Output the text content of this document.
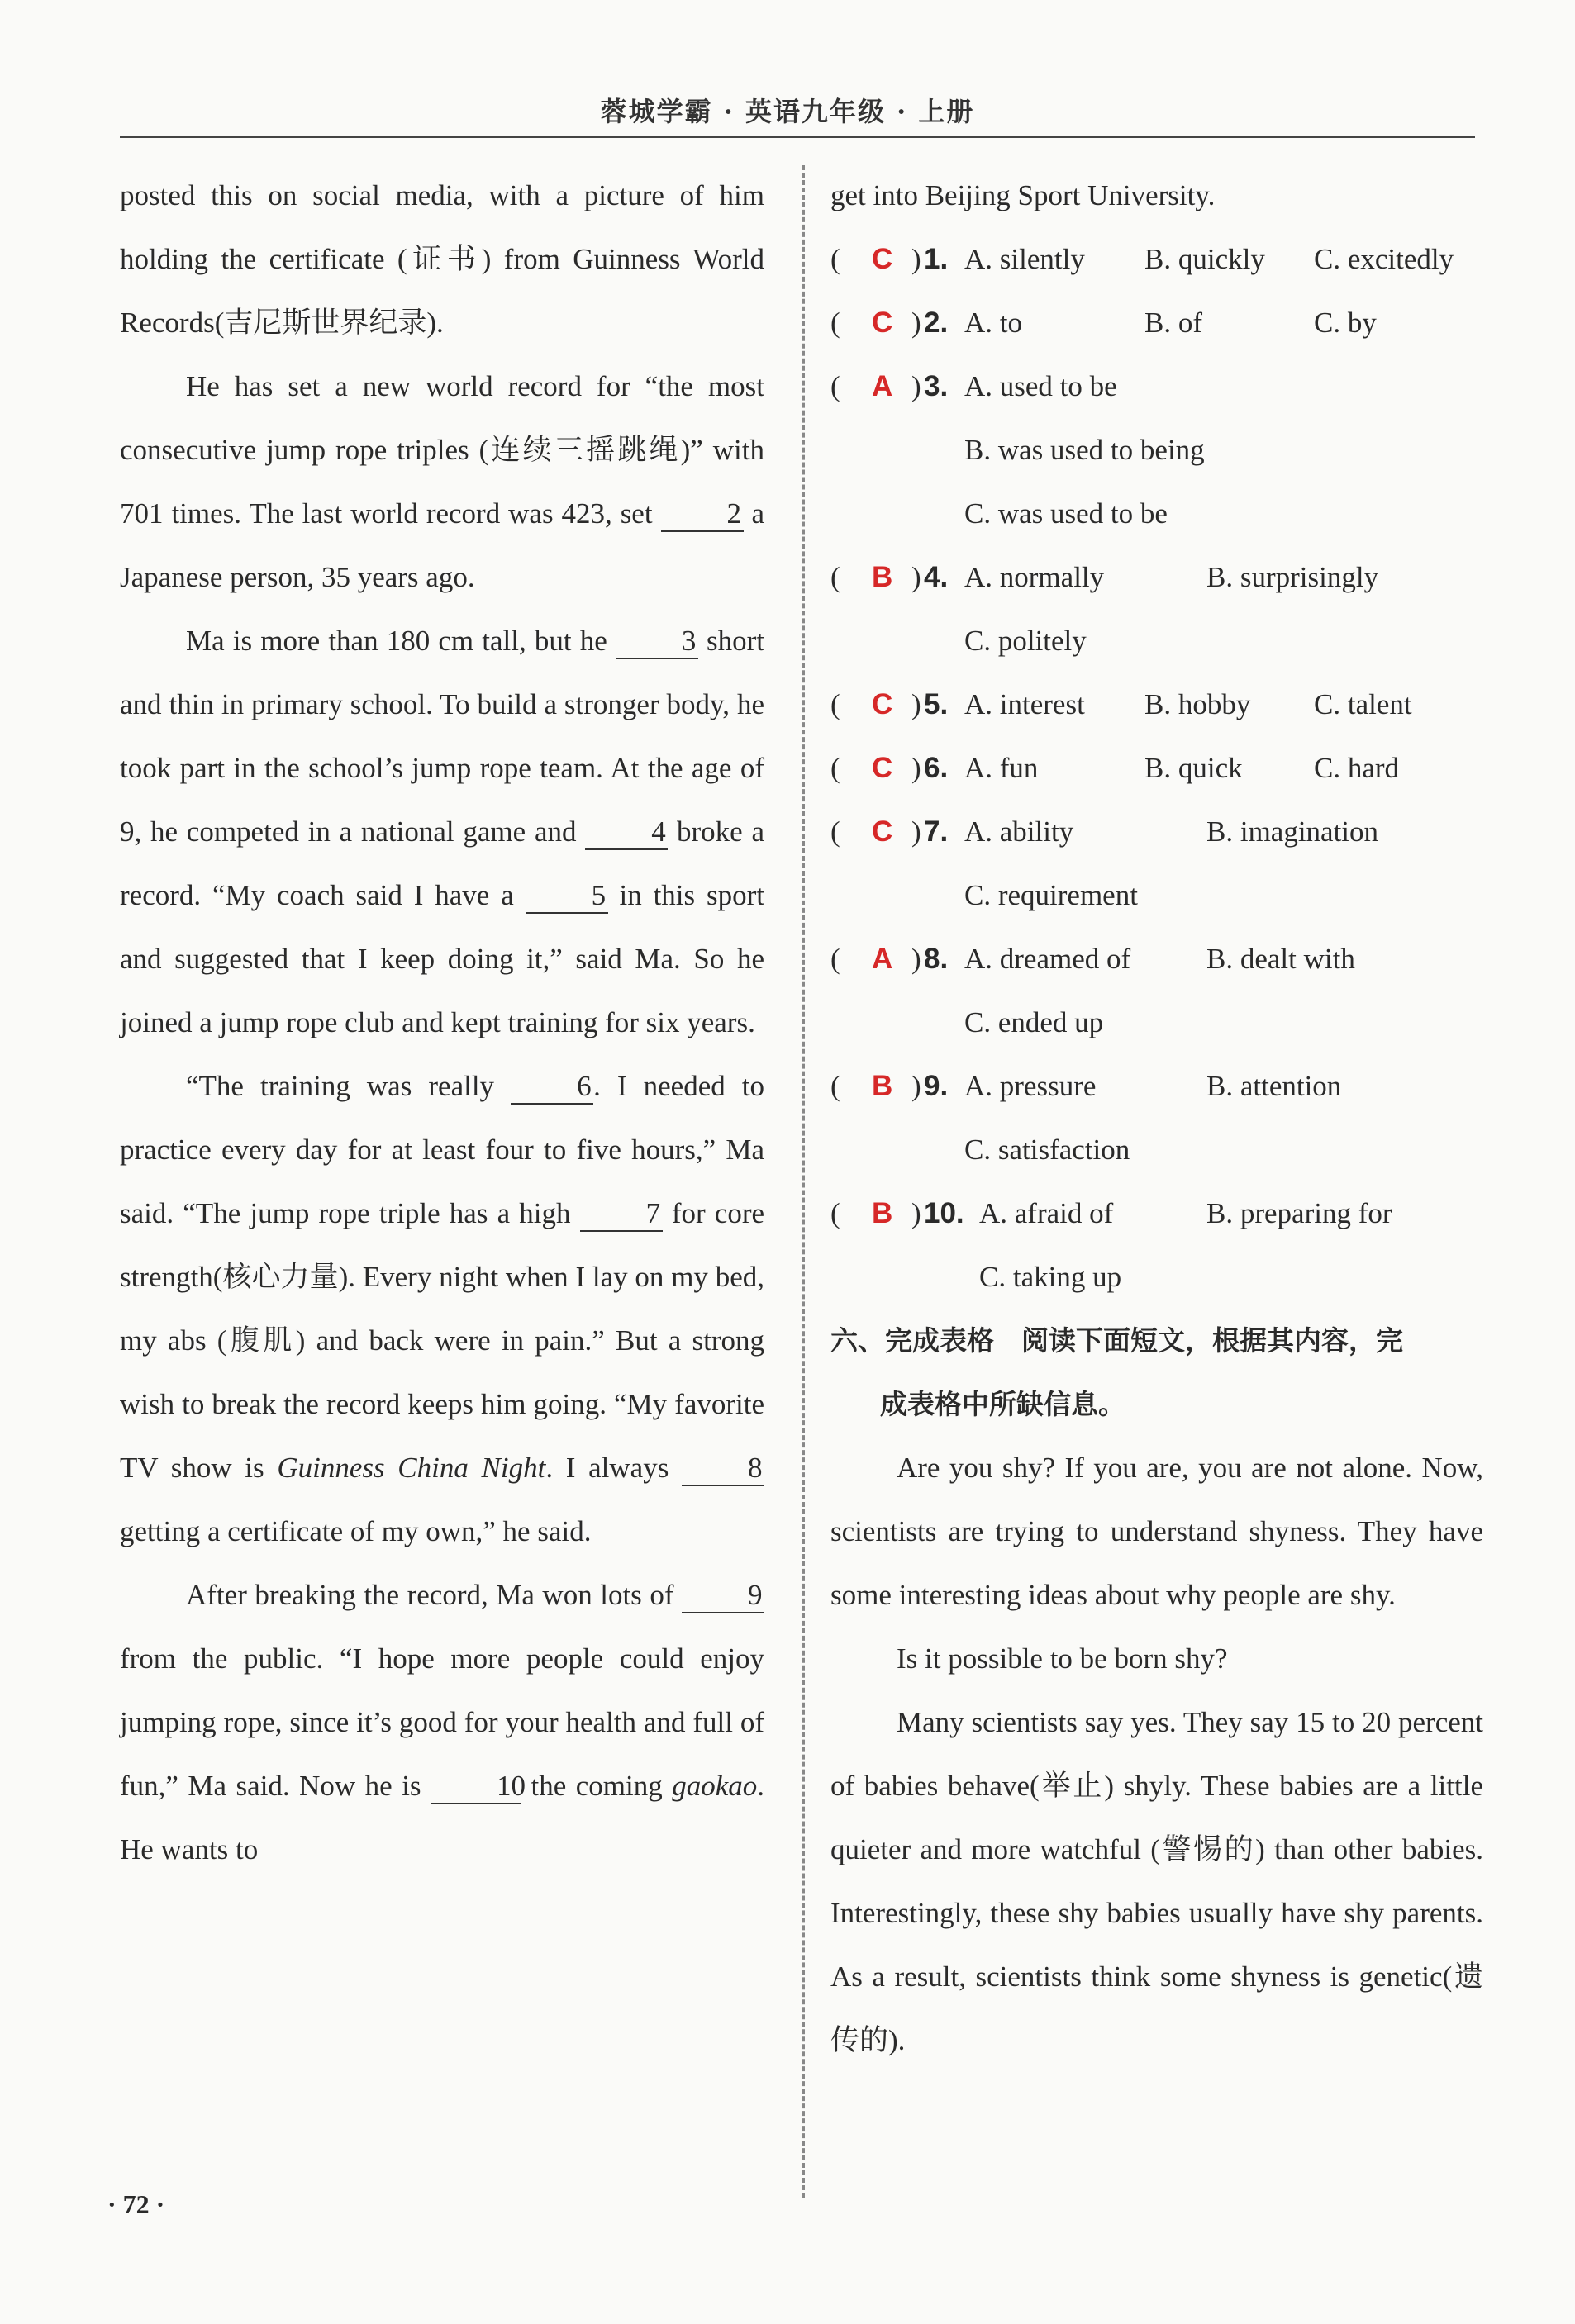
蓉城学霸 · 英语九年级 · 上册

posted this on social media, with a picture of him holding the certificate (证书) from Guinness World Records(吉尼斯世界纪录).

He has set a new world record for “the most consecutive jump rope triples (连续三摇跳绳)” with 701 times. The last world record was 423, set	2 a Japanese person, 35 years ago.

Ma is more than 180 cm tall, but he	3 short and thin in primary school. To build a stronger body, he took part in the school’s jump rope team. At the age of 9, he competed in a national game and	4 broke a record. “My coach said I have a	5 in this sport and suggested that I keep doing it,” said Ma. So he joined a jump rope club and kept training for six years.

“The training was really	6. I needed to practice every day for at least four to five hours,” Ma said. “The jump rope triple has a high	7 for core strength(核心力量). Every night when I lay on my bed, my abs (腹肌) and back were in pain.” But a strong wish to break the record keeps him going. “My favorite TV show is Guinness China Night. I always	8 getting a certificate of my own,” he said.

After breaking the record, Ma won lots of	9 from the public. “I hope more people could enjoy jumping rope, since it’s good for your health and full of fun,” Ma said. Now he is	10 the coming gaokao. He wants to

get into Beijing Sport University.

( C ) 1. A. silently B. quickly C. excitedly
( C ) 2. A. to	B. of	C. by
( A ) 3. A. used to be
B. was used to being
C. was used to be
( B ) 4. A. normally	B. surprisingly
C. politely
( C ) 5. A. interest B. hobby C. talent
( C ) 6. A. fun	B. quick C. hard
( C ) 7. A. ability	B. imagination
C. requirement
( A ) 8. A. dreamed of	B. dealt with
C. ended up
( B ) 9. A. pressure	B. attention
C. satisfaction
( B ) 10. A. afraid of	B. preparing for
C. taking up

六、完成表格　阅读下面短文，根据其内容，完

成表格中所缺信息。

Are you shy? If you are, you are not alone. Now, scientists are trying to understand shyness. They have some interesting ideas about why people are shy.

Is it possible to be born shy?

Many scientists say yes. They say 15 to 20 percent of babies behave(举止) shyly. These babies are a little quieter and more watchful (警惕的) than other babies. Interestingly, these shy babies usually have shy parents. As a result, scientists think some shyness is genetic(遗传的).

· 72 ·
